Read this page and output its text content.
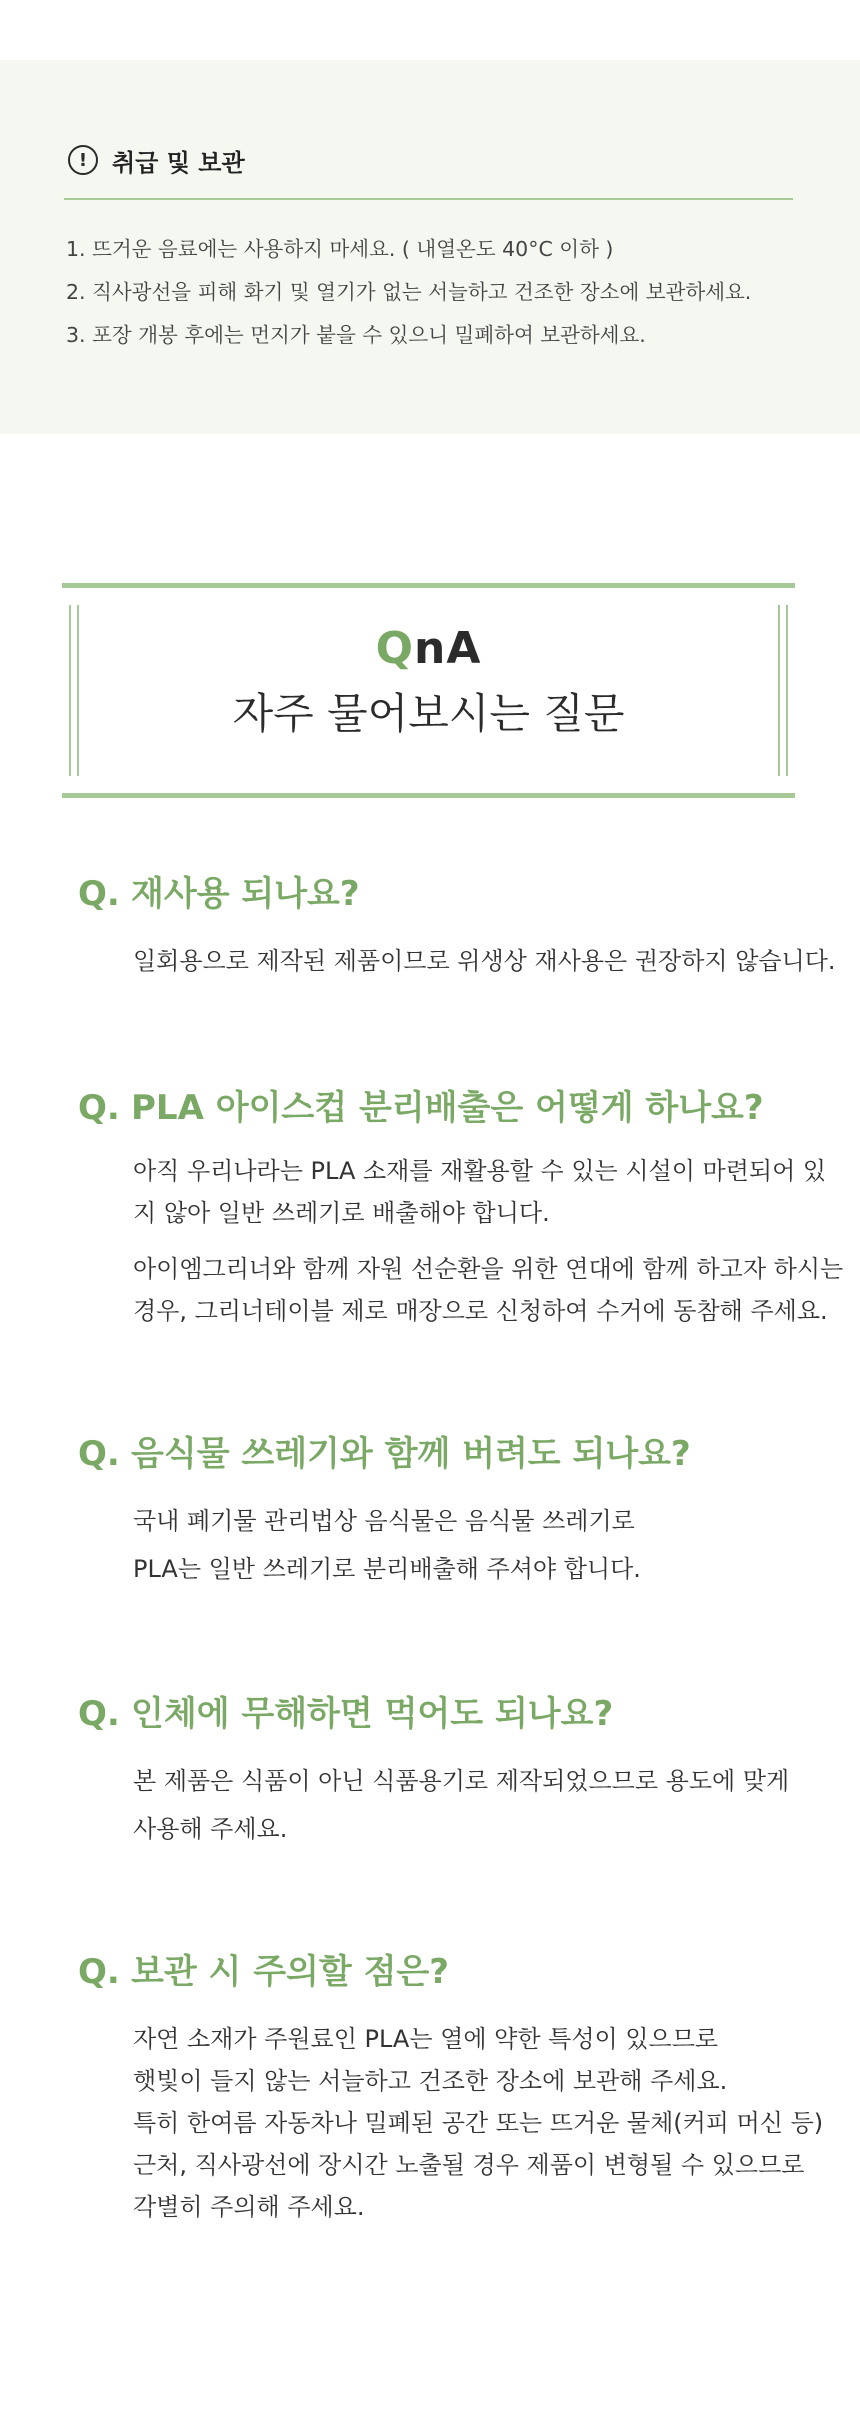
!	취급 및 보관
1. 뜨거운 음료에는 사용하지 마세요. ( 내열온도 40°C 이하 )
2. 직사광선을 피해 화기 및 열기가 없는 서늘하고 건조한 장소에 보관하세요.
3. 포장 개봉 후에는 먼지가 붙을 수 있으니 밀폐하여 보관하세요.
QnA
자주 물어보시는 질문
Q. 재사용 되나요?
일회용으로 제작된 제품이므로 위생상 재사용은 권장하지 않습니다.
Q. PLA 아이스컵 분리배출은 어떻게 하나요?
아직 우리나라는 PLA 소재를 재활용할 수 있는 시설이 마련되어 있
지 않아 일반 쓰레기로 배출해야 합니다.
아이엠그리너와 함께 자원 선순환을 위한 연대에 함께 하고자 하시는
경우, 그리너테이블 제로 매장으로 신청하여 수거에 동참해 주세요.
Q. 음식물 쓰레기와 함께 버려도 되나요?
국내 폐기물 관리법상 음식물은 음식물 쓰레기로
PLA는 일반 쓰레기로 분리배출해 주셔야 합니다.
Q. 인체에 무해하면 먹어도 되나요?
본 제품은 식품이 아닌 식품용기로 제작되었으므로 용도에 맞게
사용해 주세요.
Q. 보관 시 주의할 점은?
자연 소재가 주원료인 PLA는 열에 약한 특성이 있으므로
햇빛이 들지 않는 서늘하고 건조한 장소에 보관해 주세요.
특히 한여름 자동차나 밀폐된 공간 또는 뜨거운 물체(커피 머신 등)
근처, 직사광선에 장시간 노출될 경우 제품이 변형될 수 있으므로
각별히 주의해 주세요.
